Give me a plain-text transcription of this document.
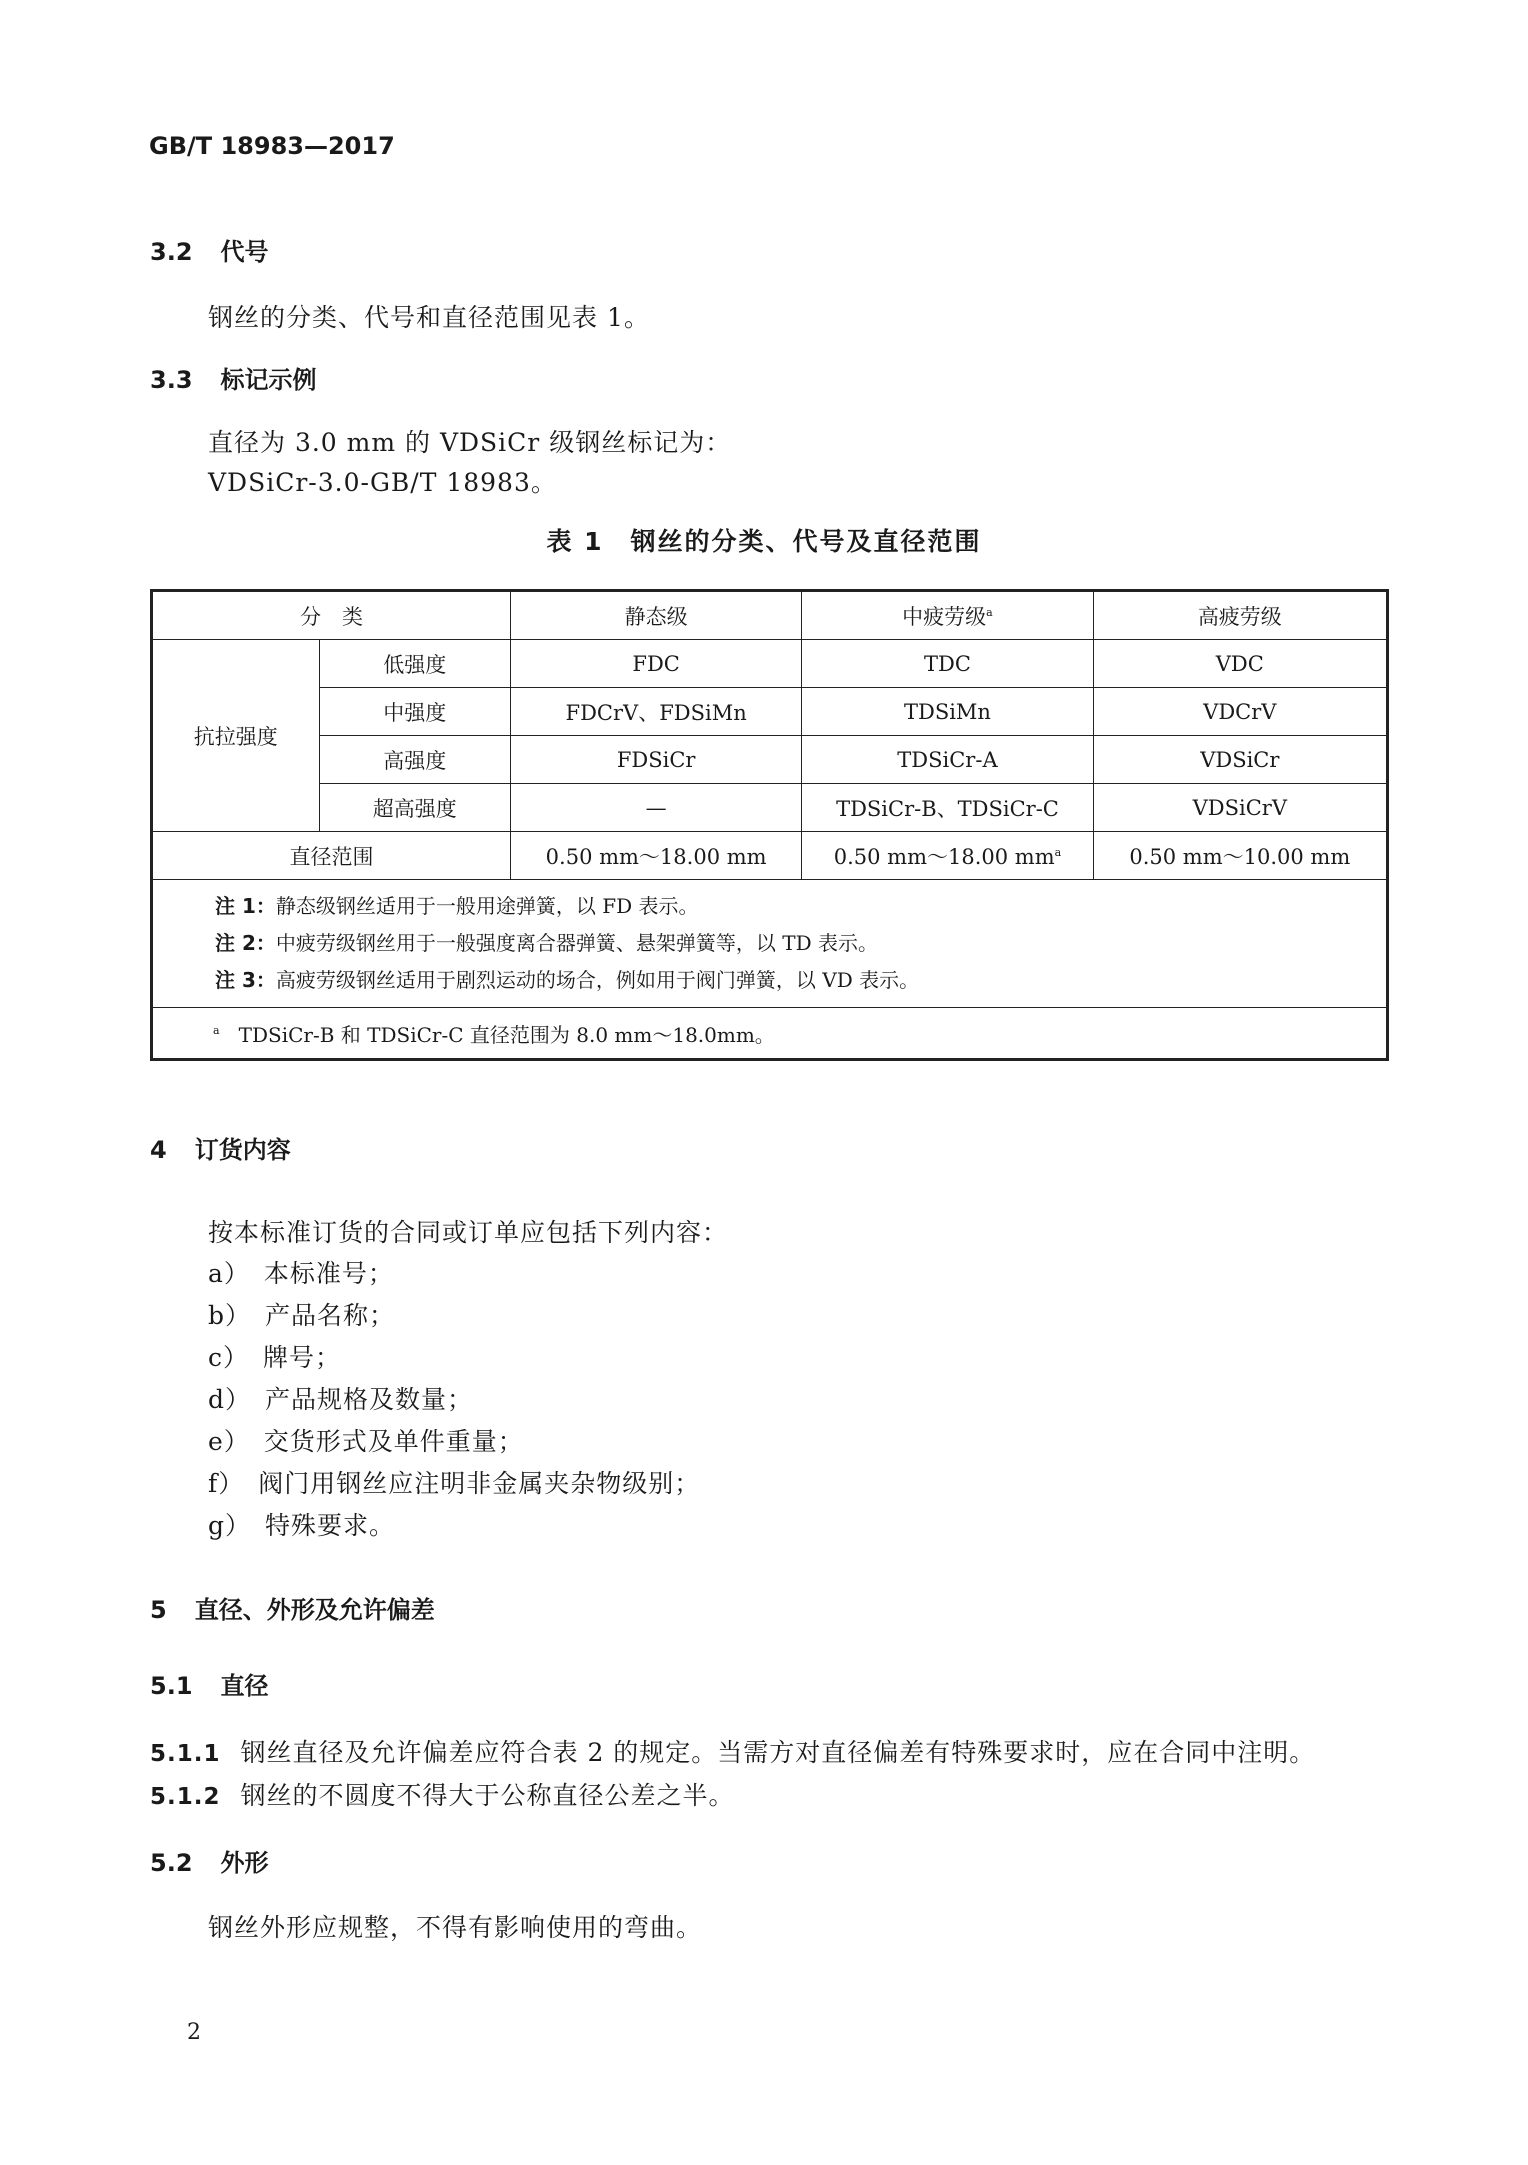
GB/T 18983—2017
3.2 代号
钢丝的分类、代号和直径范围见表 1。
3.3 标记示例
直径为 3.0 mm 的 VDSiCr 级钢丝标记为：
VDSiCr-3.0-GB/T 18983。
表 1　钢丝的分类、代号及直径范围
分　类		静态级	中疲劳级$^a$	高疲劳级
抗拉强度	低强度	FDC	TDC	VDC
	中强度	FDCrV、FDSiMn	TDSiMn	VDCrV
	高强度	FDSiCr	TDSiCr-A	VDSiCr
	超高强度	—	TDSiCr-B、TDSiCr-C	VDSiCrV
直径范围		0.50 mm～18.00 mm	0.50 mm～18.00 $mm^a$	0.50 mm～10.00 mm

注 1：静态级钢丝适用于一般用途弹簧，以 FD 表示。
注 2：中疲劳级钢丝用于一般强度离合器弹簧、悬架弹簧等，以 TD 表示。
注 3：高疲劳级钢丝适用于剧烈运动的场合，例如用于阀门弹簧，以 VD 表示。				

$^a$ TDSiCr-B 和 TDSiCr-C 直径范围为 8.0 mm～18.0mm。				
4 订货内容
按本标准订货的合同或订单应包括下列内容：
a） 本标准号；
b） 产品名称；
c） 牌号；
d） 产品规格及数量；
e） 交货形式及单件重量；
f） 阀门用钢丝应注明非金属夹杂物级别；
g） 特殊要求。
5 直径、外形及允许偏差
5.1 直径
5.1.1 钢丝直径及允许偏差应符合表 2 的规定。当需方对直径偏差有特殊要求时，应在合同中注明。
5.1.2 钢丝的不圆度不得大于公称直径公差之半。
5.2 外形
钢丝外形应规整，不得有影响使用的弯曲。
2
